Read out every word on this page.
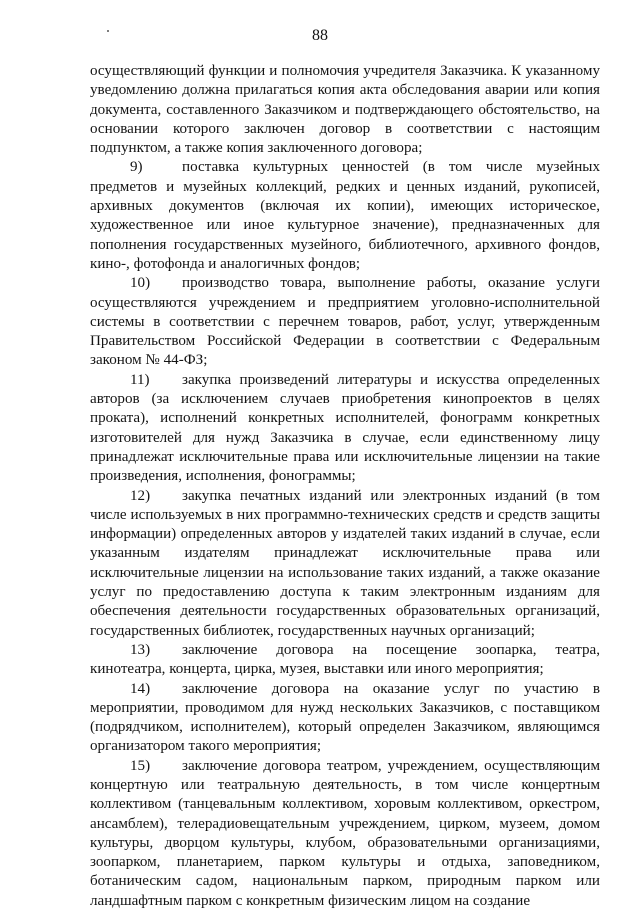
88

осуществляющий функции и полномочия учредителя Заказчика. К указанному уведомлению должна прилагаться копия акта обследования аварии или копия документа, составленного Заказчиком и подтверждающего обстоятельство, на основании которого заключен договор в соответствии с настоящим подпунктом, а также копия заключенного договора;

9)	поставка культурных ценностей (в том числе музейных предметов и музейных коллекций, редких и ценных изданий, рукописей, архивных документов (включая их копии), имеющих историческое, художественное или иное культурное значение), предназначенных для пополнения государственных музейного, библиотечного, архивного фондов, кино-, фотофонда и аналогичных фондов;

10) производство товара, выполнение работы, оказание услуги осуществляются учреждением и предприятием уголовно-исполнительной системы в соответствии с перечнем товаров, работ, услуг, утвержденным Правительством Российской Федерации в соответствии с Федеральным законом № 44-ФЗ;

11) закупка произведений литературы и искусства определенных авторов (за исключением случаев приобретения кинопроектов в целях проката), исполнений конкретных исполнителей, фонограмм конкретных изготовителей для нужд Заказчика в случае, если единственному лицу принадлежат исключительные права или исключительные лицензии на такие произведения, исполнения, фонограммы;

12) закупка печатных изданий или электронных изданий (в том числе используемых в них программно-технических средств и средств защиты информации) определенных авторов у издателей таких изданий в случае, если указанным издателям принадлежат исключительные права или исключительные лицензии на использование таких изданий, а также оказание услуг по предоставлению доступа к таким электронным изданиям для обеспечения деятельности государственных образовательных организаций, государственных библиотек, государственных научных организаций;

13) заключение договора на посещение зоопарка, театра, кинотеатра, концерта, цирка, музея, выставки или иного мероприятия;

14) заключение договора на оказание услуг по участию в мероприятии, проводимом для нужд нескольких Заказчиков, с поставщиком (подрядчиком, исполнителем), который определен Заказчиком, являющимся организатором такого мероприятия;

15) заключение договора театром, учреждением, осуществляющим концертную или театральную деятельность, в том числе концертным коллективом (танцевальным коллективом, хоровым коллективом, оркестром, ансамблем), телерадиовещательным учреждением, цирком, музеем, домом культуры, дворцом культуры, клубом, образовательными организациями, зоопарком, планетарием, парком культуры и отдыха, заповедником, ботаническим садом, национальным парком, природным парком или ландшафтным парком с конкретным физическим лицом на создание
